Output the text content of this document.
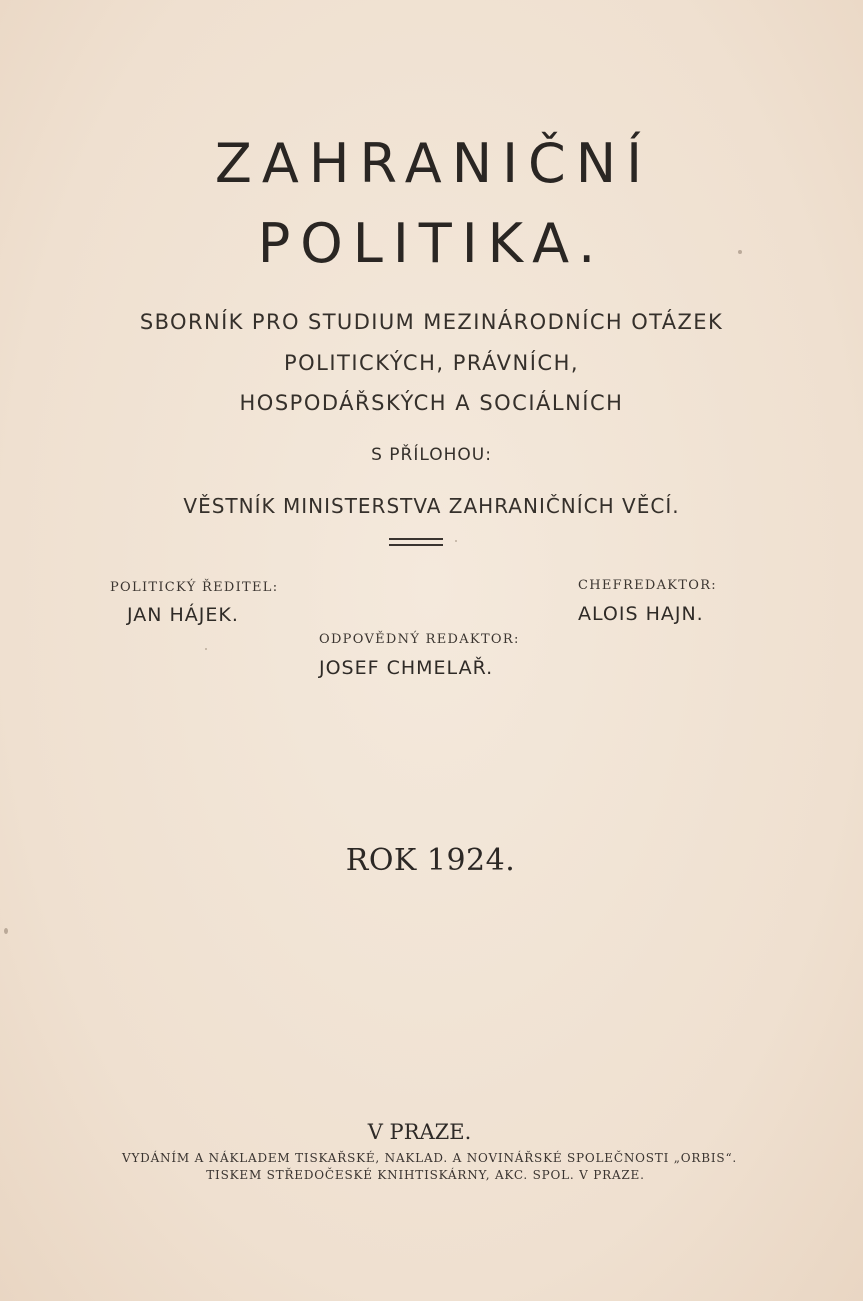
ZAHRANIČNÍ
POLITIKA.
SBORNÍK PRO STUDIUM MEZINÁRODNÍCH OTÁZEK
POLITICKÝCH, PRÁVNÍCH,
HOSPODÁŘSKÝCH A SOCIÁLNÍCH
S PŘÍLOHOU:
VĚSTNÍK MINISTERSTVA ZAHRANIČNÍCH VĚCÍ.
POLITICKÝ ŘEDITEL:
JAN HÁJEK.
CHEFREDAKTOR:
ALOIS HAJN.
ODPOVĚDNÝ REDAKTOR:
JOSEF CHMELAŘ.
ROK 1924.
V PRAZE.
VYDÁNÍM A NÁKLADEM TISKAŘSKÉ, NAKLAD. A NOVINÁŘSKÉ SPOLEČNOSTI „ORBIS“.
TISKEM STŘEDOČESKÉ KNIHTISKÁRNY, AKC. SPOL. V PRAZE.
